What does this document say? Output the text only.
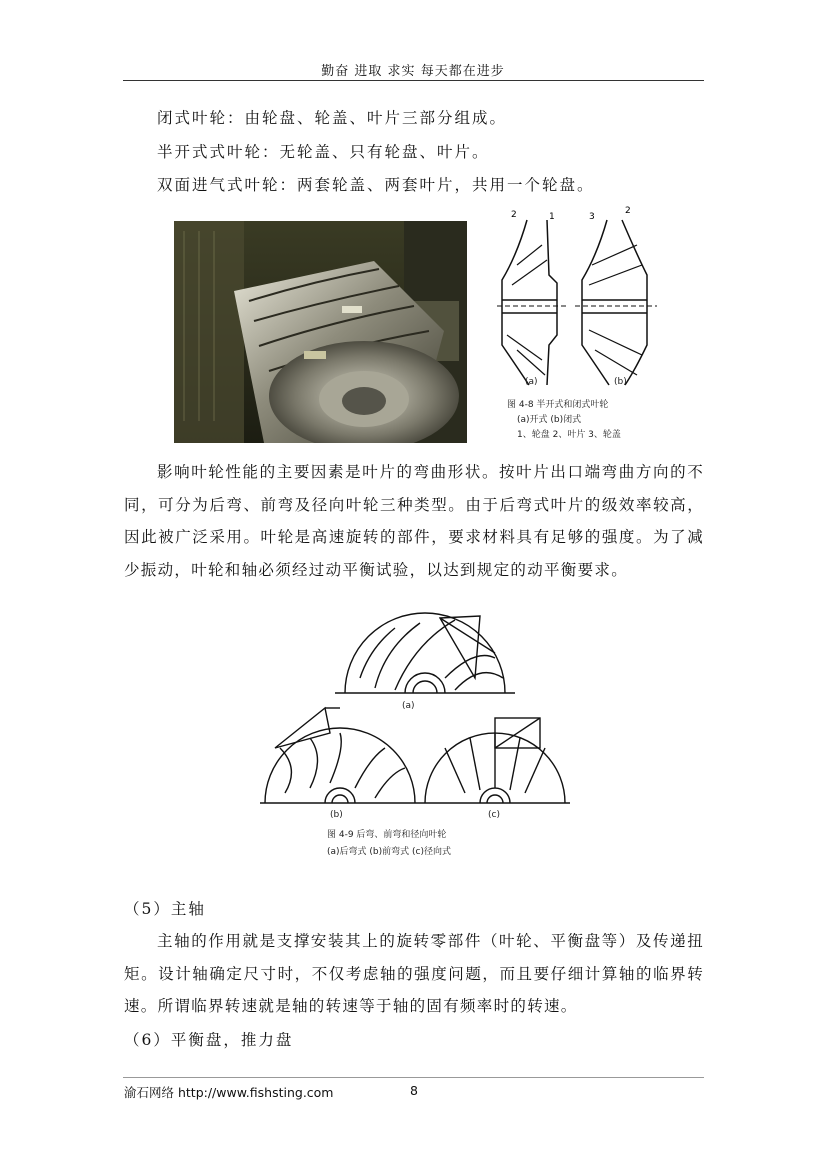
勤奋 进取 求实 每天都在进步
闭式叶轮：由轮盘、轮盖、叶片三部分组成。
半开式式叶轮：无轮盖、只有轮盘、叶片。
双面进气式叶轮：两套轮盖、两套叶片，共用一个轮盘。
2	1	3
2
(a)	(b)
图 4-8 半开式和闭式叶轮
(a)开式 (b)闭式
1、轮盘 2、叶片 3、轮盖
影响叶轮性能的主要因素是叶片的弯曲形状。按叶片出口端弯曲方向的不同，可分为后弯、前弯及径向叶轮三种类型。由于后弯式叶片的级效率较高，因此被广泛采用。叶轮是高速旋转的部件，要求材料具有足够的强度。为了减少振动，叶轮和轴必须经过动平衡试验，以达到规定的动平衡要求。
(a)
(b)	(c)
图 4-9 后弯、前弯和径向叶轮
(a)后弯式 (b)前弯式 (c)径向式
（5）主轴
主轴的作用就是支撑安装其上的旋转零部件（叶轮、平衡盘等）及传递扭矩。设计轴确定尺寸时，不仅考虑轴的强度问题，而且要仔细计算轴的临界转速。所谓临界转速就是轴的转速等于轴的固有频率时的转速。
（6）平衡盘，推力盘
渝石网络 http://www.fishsting.com	8
